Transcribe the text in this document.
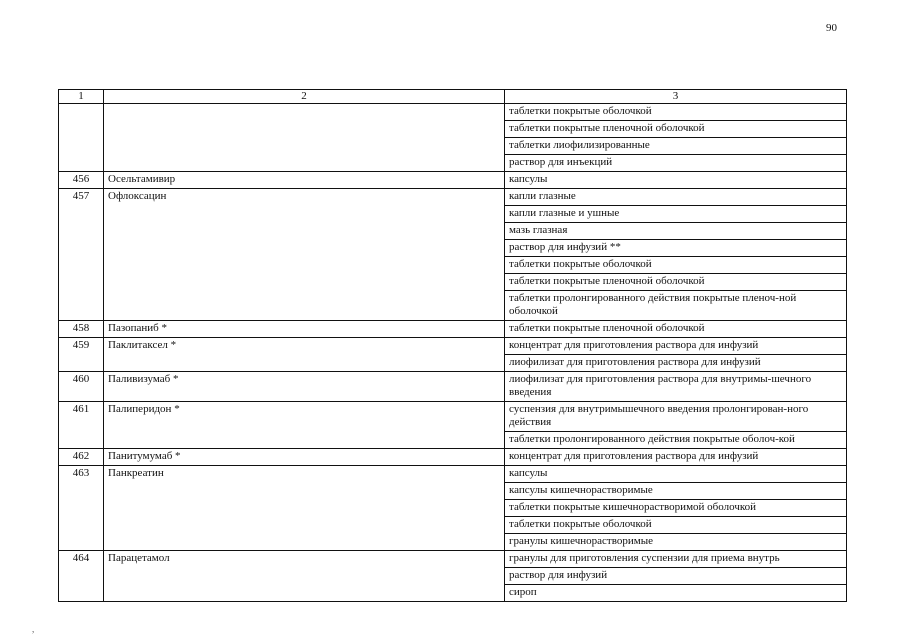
90
1	2	3
		таблетки покрытые оболочкой
		таблетки покрытые пленочной оболочкой
		таблетки лиофилизированные
		раствор для инъекций
456	Осельтамивир	капсулы
457	Офлоксацин	капли глазные
		капли глазные и ушные
		мазь глазная
		раствор для инфузий **
		таблетки покрытые оболочкой
		таблетки покрытые пленочной оболочкой
		таблетки пролонгированного действия покрытые пленоч-ной оболочкой
458	Пазопаниб *	таблетки покрытые пленочной оболочкой
459	Паклитаксел *	концентрат для приготовления раствора для инфузий
		лиофилизат для приготовления раствора для инфузий
460	Паливизумаб *	лиофилизат для приготовления раствора для внутримы-шечного введения
461	Палиперидон *	суспензия для внутримышечного введения пролонгирован-ного действия
		таблетки пролонгированного действия покрытые оболоч-кой
462	Панитумумаб *	концентрат для приготовления раствора для инфузий
463	Панкреатин	капсулы
		капсулы кишечнорастворимые
		таблетки покрытые кишечнорастворимой оболочкой
		таблетки покрытые оболочкой
		гранулы кишечнорастворимые
464	Парацетамол	гранулы для приготовления суспензии для приема внутрь
		раствор для инфузий
		сироп
,
